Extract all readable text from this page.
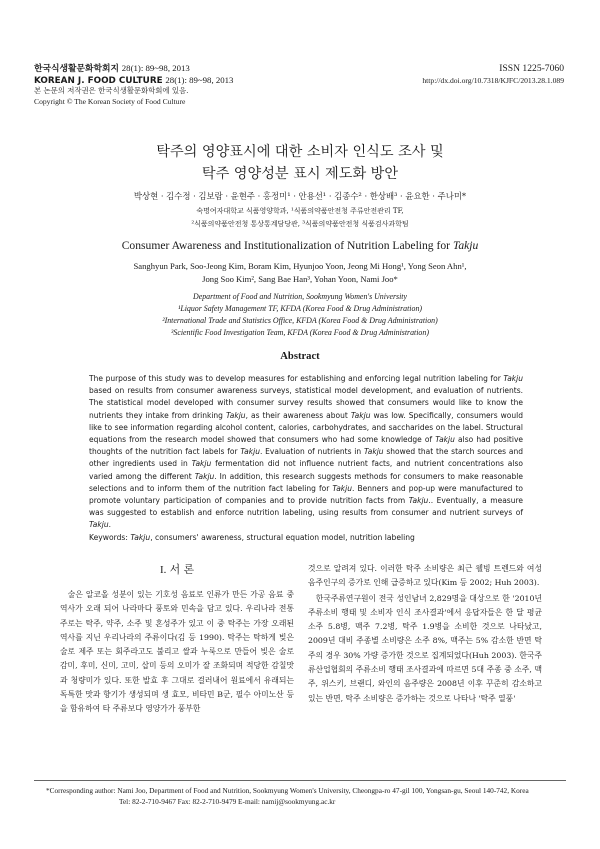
한국식생활문화학회지 28(1): 89~98, 2013
KOREAN J. FOOD CULTURE 28(1): 89~98, 2013
본 논문의 저작권은 한국식생활문화학회에 있음.
Copyright © The Korean Society of Food Culture
ISSN 1225-7060
http://dx.doi.org/10.7318/KJFC/2013.28.1.089
탁주의 영양표시에 대한 소비자 인식도 조사 및
탁주 영양성분 표시 제도화 방안
박상현 · 김수정 · 김보람 · 윤현주 · 홍정미¹ · 안용선¹ · 김종수² · 한상배³ · 윤요한 · 주나미*
숙명여자대학교 식품영양학과, ¹식품의약품안전청 주류안전관리 TF,
²식품의약품안전청 통상통계담당관, ³식품의약품안전청 식품검사과학팀
Consumer Awareness and Institutionalization of Nutrition Labeling for Takju
Sanghyun Park, Soo-Jeong Kim, Boram Kim, Hyunjoo Yoon, Jeong Mi Hong¹, Yong Seon Ahn¹,
Jong Soo Kim², Sang Bae Han³, Yohan Yoon, Nami Joo*
Department of Food and Nutrition, Sookmyung Women's University
¹Liquor Safety Management TF, KFDA (Korea Food & Drug Administration)
²International Trade and Statistics Office, KFDA (Korea Food & Drug Administration)
³Scientific Food Investigation Team, KFDA (Korea Food & Drug Administration)
Abstract
The purpose of this study was to develop measures for establishing and enforcing legal nutrition labeling for Takju based on results from consumer awareness surveys, statistical model development, and evaluation of nutrients. The statistical model developed with consumer survey results showed that consumers would like to know the nutrients they intake from drinking Takju, as their awareness about Takju was low. Specifically, consumers would like to see information regarding alcohol content, calories, carbohydrates, and saccharides on the label. Structural equations from the research model showed that consumers who had some knowledge of Takju also had positive thoughts of the nutrition fact labels for Takju. Evaluation of nutrients in Takju showed that the starch sources and other ingredients used in Takju fermentation did not influence nutrient facts, and nutrient concentrations also varied among the different Takju. In addition, this research suggests methods for consumers to make reasonable selections and to inform them of the nutrition fact labeling for Takju. Benners and pop-up were manufactured to promote voluntary participation of companies and to provide nutrition facts from Takju.. Eventually, a measure was suggested to establish and enforce nutrition labeling, using results from consumer and nutrient surveys of Takju.
Keywords: Takju, consumers' awareness, structural equation model, nutrition labeling
I. 서 론

술은 알코올 성분이 있는 기호성 음료로 인류가 만든 가공 음료 중 역사가 오래 되어 나라마다 풍토와 민속을 담고 있다. 우리나라 전통주로는 탁주, 약주, 소주 및 혼성주가 있고 이 중 탁주는 가장 오래된 역사를 지닌 우리나라의 주류이다(김 등 1990). 탁주는 탁하게 빚은 술로 제주 또는 회주라고도 불리고 쌀과 누룩으로 만들어 빚은 술로 감미, 후미, 신미, 고미, 삽미 등의 오미가 잘 조화되며 적당한 감칠맛과 청량미가 있다. 또한 발효 후 그대로 걸러내어 원료에서 유래되는 독특한 맛과 향기가 생성되며 생 효모, 비타민 B군, 필수 아미노산 등을 함유하여 타 주류보다 영양가가 풍부한

것으로 알려져 있다. 이러한 탁주 소비량은 최근 웰빙 트렌드와 여성 음주인구의 증가로 인해 급증하고 있다(Kim 등 2002; Huh 2003).

한국주류연구원이 전국 성인남녀 2,829명을 대상으로 한 '2010년 주류소비 행태 및 소비자 인식 조사결과'에서 응답자들은 한 달 평균 소주 5.8병, 맥주 7.2병, 탁주 1.9병을 소비한 것으로 나타났고, 2009년 대비 주종별 소비량은 소주 8%, 맥주는 5% 감소한 반면 탁주의 경우 30% 가량 증가한 것으로 집계되었다(Huh 2003). 한국주류산업협회의 주류소비 행태 조사결과에 따르면 5대 주종 중 소주, 맥주, 위스키, 브랜디, 와인의 음주량은 2008년 이후 꾸준히 감소하고 있는 반면, 탁주 소비량은 증가하는 것으로 나타나 '탁주 열풍'

*Corresponding author: Nami Joo, Department of Food and Nutrition, Sookmyung Women's University, Cheongpa-ro 47-gil 100, Yongsan-gu, Seoul 140-742, Korea
Tel: 82-2-710-9467 Fax: 82-2-710-9479 E-mail: namij@sookmyung.ac.kr
